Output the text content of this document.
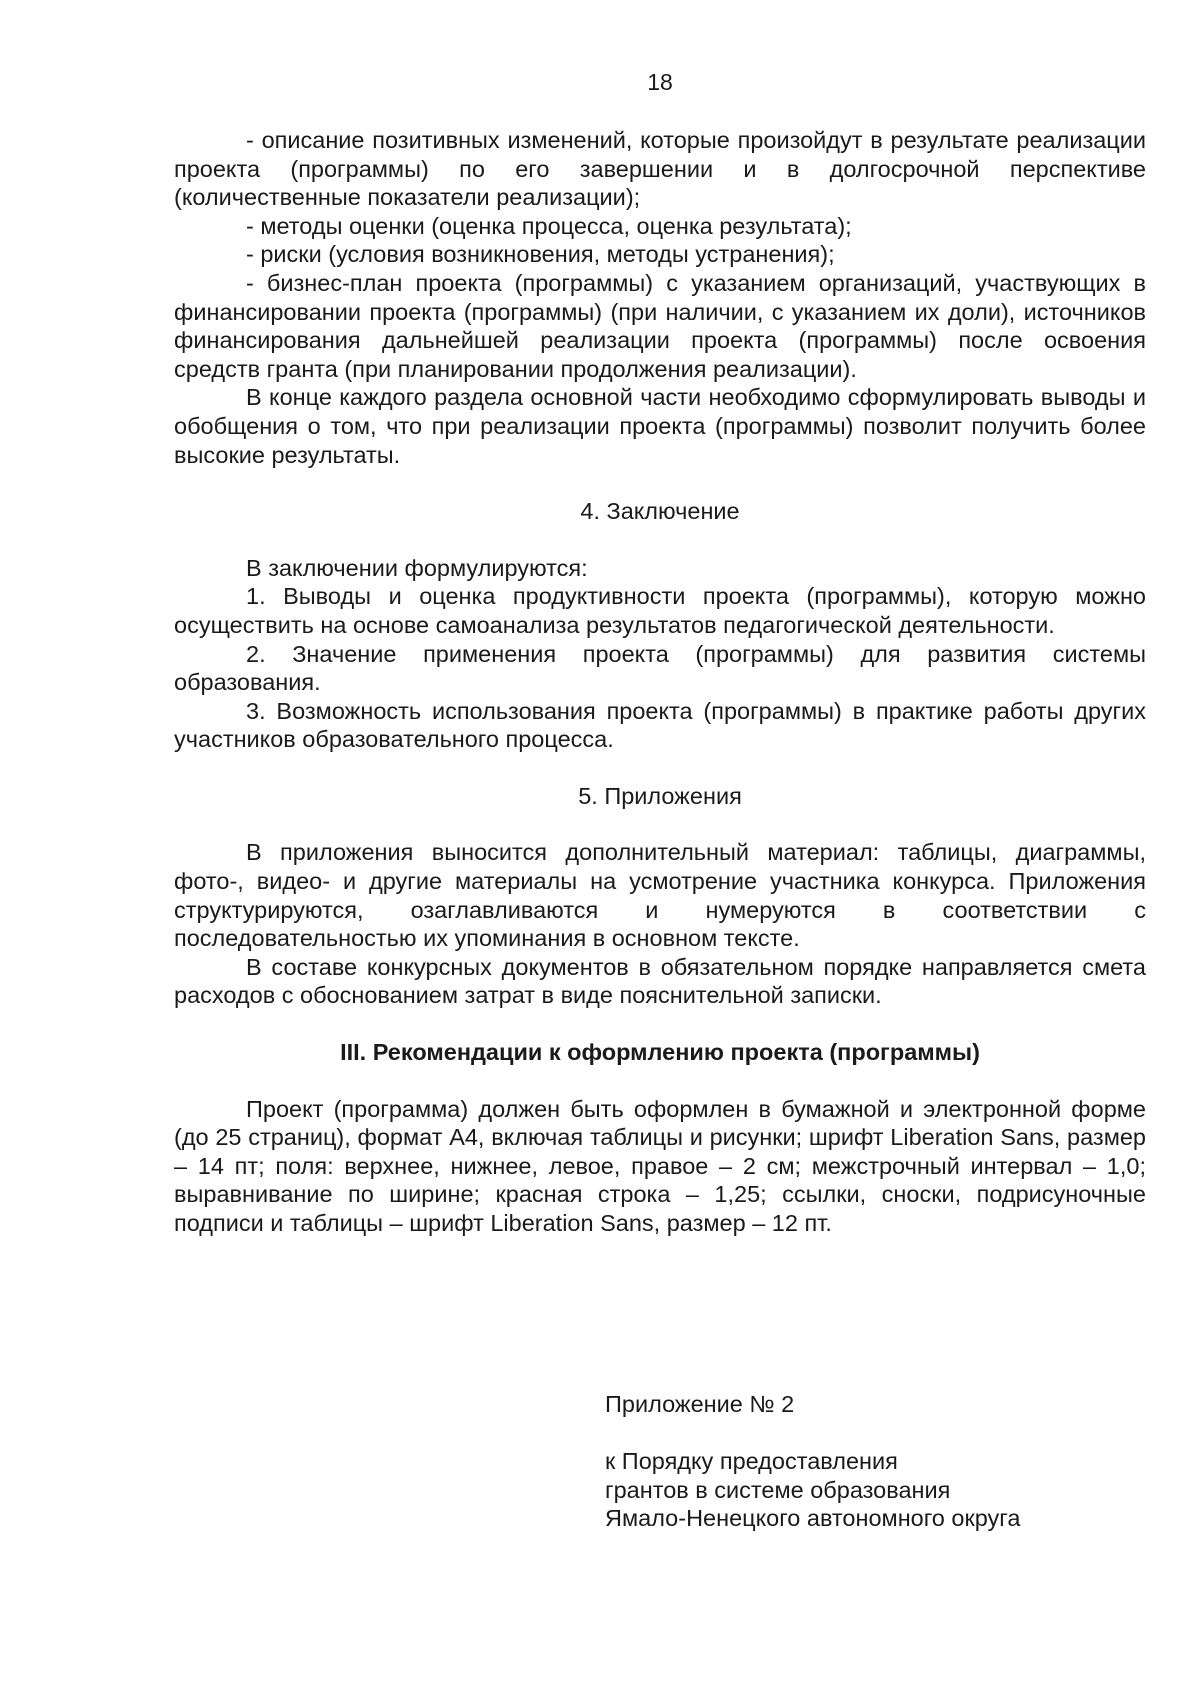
18

- описание позитивных изменений, которые произойдут в результате реализации проекта (программы) по его завершении и в долгосрочной перспективе (количественные показатели реализации);

- методы оценки (оценка процесса, оценка результата);

- риски (условия возникновения, методы устранения);

- бизнес-план проекта (программы) с указанием организаций, участвующих в финансировании проекта (программы) (при наличии, с указанием их доли), источников финансирования дальнейшей реализации проекта (программы) после освоения средств гранта (при планировании продолжения реализации).

В конце каждого раздела основной части необходимо сформулировать выводы и обобщения о том, что при реализации проекта (программы) позволит получить более высокие результаты.

4. Заключение

В заключении формулируются:

1. Выводы и оценка продуктивности проекта (программы), которую можно осуществить на основе самоанализа результатов педагогической деятельности.

2. Значение применения проекта (программы) для развития системы образования.

3. Возможность использования проекта (программы) в практике работы других участников образовательного процесса.

5. Приложения

В приложения выносится дополнительный материал: таблицы, диаграммы, фото-, видео- и другие материалы на усмотрение участника конкурса. Приложения структурируются, озаглавливаются и нумеруются в соответствии с последовательностью их упоминания в основном тексте.

В составе конкурсных документов в обязательном порядке направляется смета расходов с обоснованием затрат в виде пояснительной записки.

III. Рекомендации к оформлению проекта (программы)

Проект (программа) должен быть оформлен в бумажной и электронной форме (до 25 страниц), формат А4, включая таблицы и рисунки; шрифт Liberation Sans, размер – 14 пт; поля: верхнее, нижнее, левое, правое – 2 см; межстрочный интервал – 1,0; выравнивание по ширине; красная строка – 1,25; ссылки, сноски, подрисуночные подписи и таблицы – шрифт Liberation Sans, размер – 12 пт.

Приложение № 2
к Порядку предоставления
грантов в системе образования
Ямало-Ненецкого автономного округа
